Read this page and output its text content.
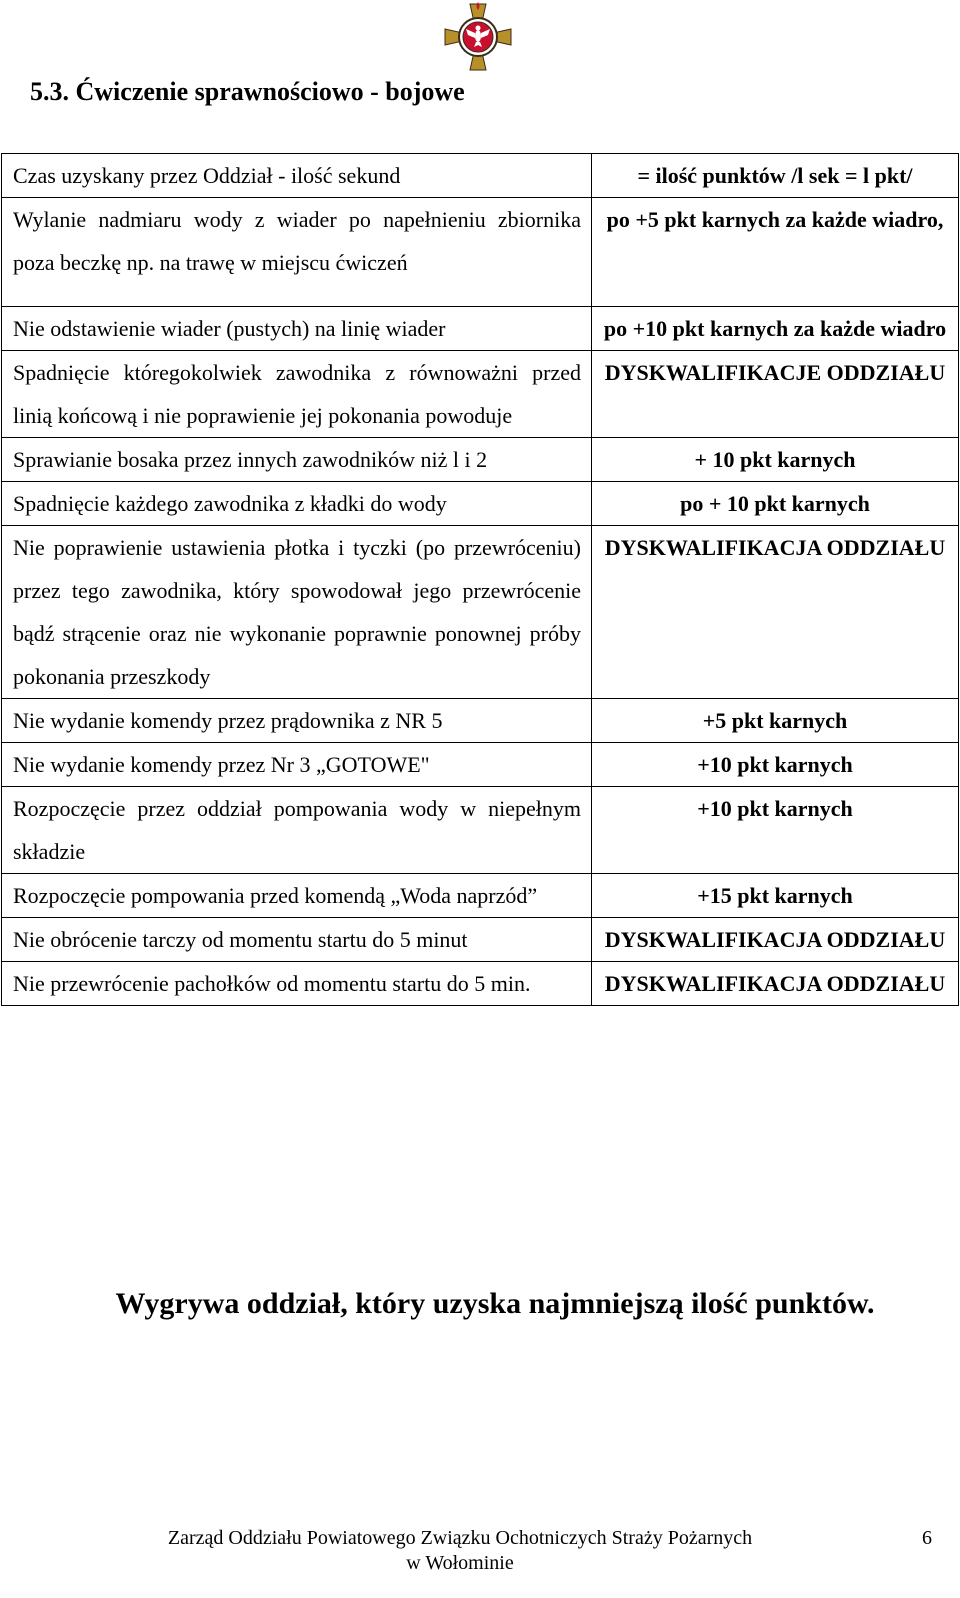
5.3. Ćwiczenie sprawnościowo - bojowe
Czas uzyskany przez Oddział - ilość sekund	= ilość punktów /l sek = l pkt/
Wylanie nadmiaru wody z wiader po napełnieniu zbiornika poza beczkę np. na trawę w miejscu ćwiczeń	po +5 pkt karnych za każde wiadro,
Nie odstawienie wiader (pustych) na linię wiader	po +10 pkt karnych za każde wiadro
Spadnięcie któregokolwiek zawodnika z równoważni przed linią końcową i nie poprawienie jej pokonania powoduje	DYSKWALIFIKACJE ODDZIAŁU
Sprawianie bosaka przez innych zawodników niż l i 2	+ 10 pkt karnych
Spadnięcie każdego zawodnika z kładki do wody	po + 10 pkt karnych
Nie poprawienie ustawienia płotka i tyczki (po przewróceniu) przez tego zawodnika, który spowodował jego przewrócenie bądź strącenie oraz nie wykonanie poprawnie ponownej próby pokonania przeszkody	DYSKWALIFIKACJA ODDZIAŁU
Nie wydanie komendy przez prądownika z NR 5	+5 pkt karnych
Nie wydanie komendy przez Nr 3 „GOTOWE"	+10 pkt karnych
Rozpoczęcie przez oddział pompowania wody w niepełnym składzie	+10 pkt karnych
Rozpoczęcie pompowania przed komendą „Woda naprzód”	+15 pkt karnych
Nie obrócenie tarczy od momentu startu do 5 minut	DYSKWALIFIKACJA ODDZIAŁU
Nie przewrócenie pachołków od momentu startu do 5 min.	DYSKWALIFIKACJA ODDZIAŁU

Wygrywa oddział, który uzyska najmniejszą ilość punktów.

Zarząd Oddziału Powiatowego Związku Ochotniczych Straży Pożarnych
w Wołominie
6
